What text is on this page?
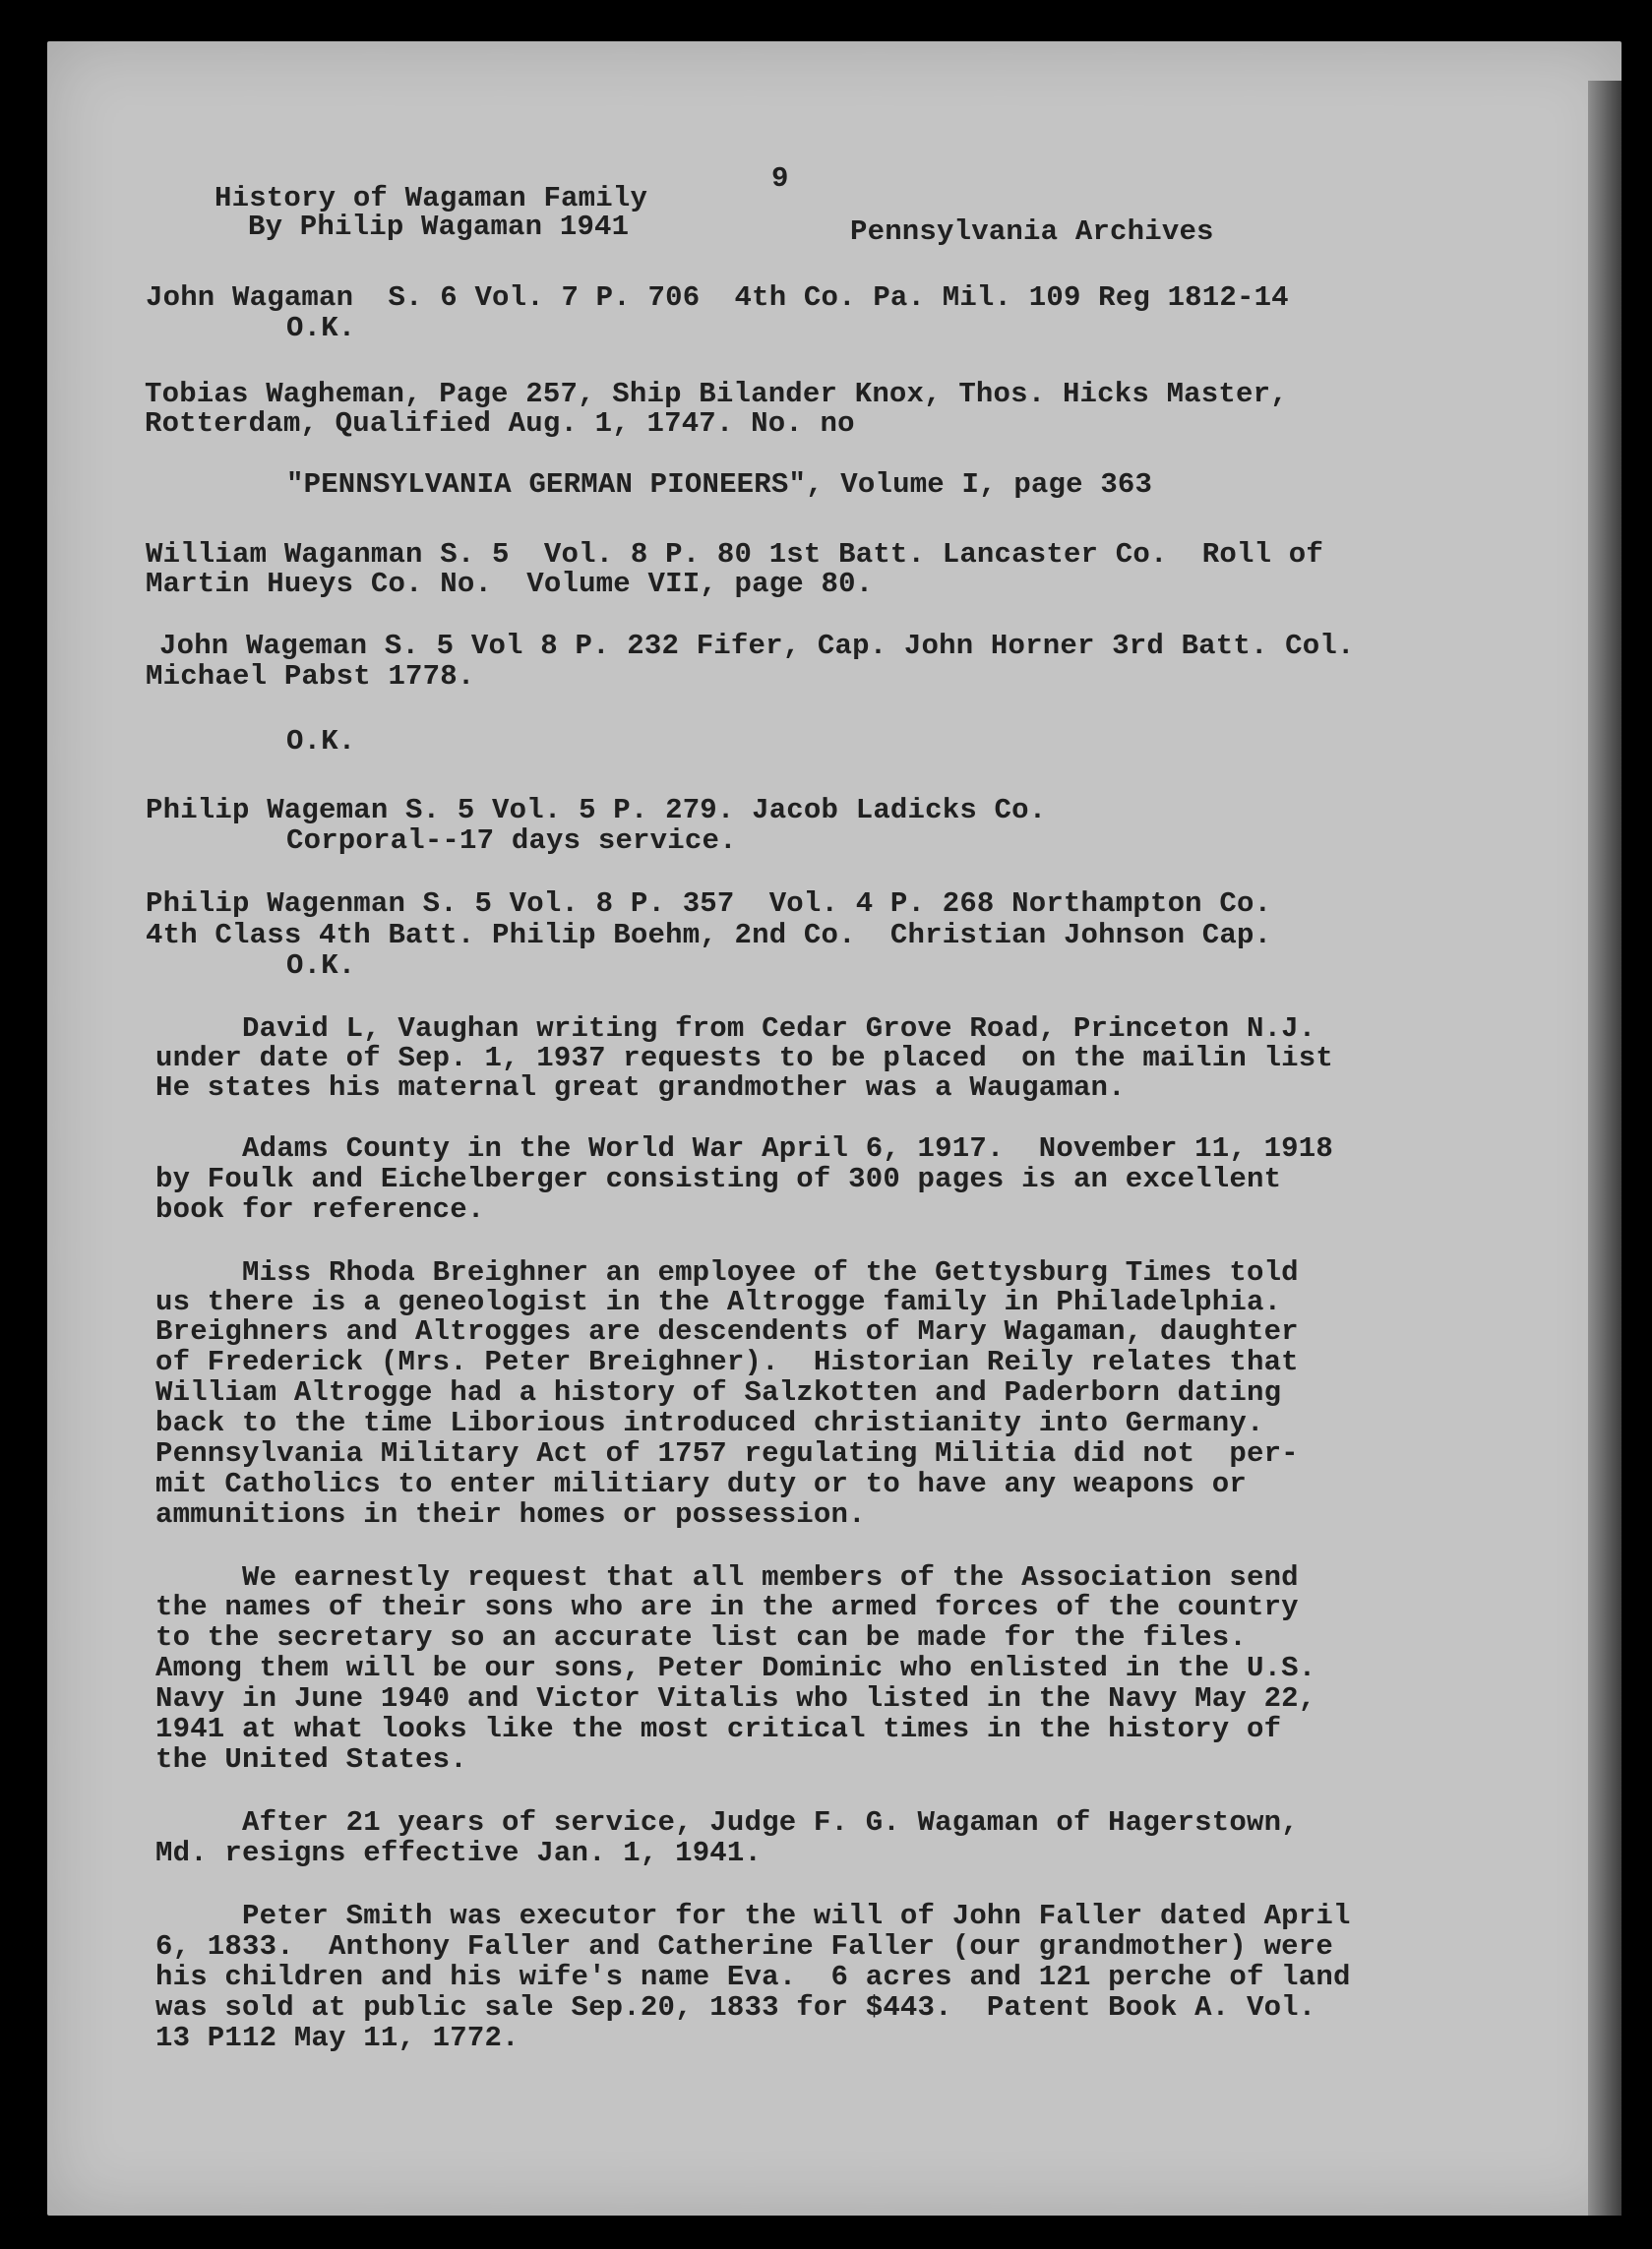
9
History of Wagaman Family
By Philip Wagaman 1941	Pennsylvania Archives
John Wagaman  S. 6 Vol. 7 P. 706  4th Co. Pa. Mil. 109 Reg 1812-14
O.K.
Tobias Wagheman, Page 257, Ship Bilander Knox, Thos. Hicks Master,
Rotterdam, Qualified Aug. 1, 1747. No. no
"PENNSYLVANIA GERMAN PIONEERS", Volume I, page 363
William Waganman S. 5  Vol. 8 P. 80 1st Batt. Lancaster Co.  Roll of
Martin Hueys Co. No.  Volume VII, page 80.
John Wageman S. 5 Vol 8 P. 232 Fifer, Cap. John Horner 3rd Batt. Col.
Michael Pabst 1778.
O.K.
Philip Wageman S. 5 Vol. 5 P. 279. Jacob Ladicks Co.
Corporal--17 days service.
Philip Wagenman S. 5 Vol. 8 P. 357  Vol. 4 P. 268 Northampton Co.
4th Class 4th Batt. Philip Boehm, 2nd Co.  Christian Johnson Cap.
O.K.
David L, Vaughan writing from Cedar Grove Road, Princeton N.J.
under date of Sep. 1, 1937 requests to be placed  on the mailin list
He states his maternal great grandmother was a Waugaman.
Adams County in the World War April 6, 1917.  November 11, 1918
by Foulk and Eichelberger consisting of 300 pages is an excellent
book for reference.
Miss Rhoda Breighner an employee of the Gettysburg Times told
us there is a geneologist in the Altrogge family in Philadelphia.
Breighners and Altrogges are descendents of Mary Wagaman, daughter
of Frederick (Mrs. Peter Breighner).  Historian Reily relates that
William Altrogge had a history of Salzkotten and Paderborn dating
back to the time Liborious introduced christianity into Germany.
Pennsylvania Military Act of 1757 regulating Militia did not  per-
mit Catholics to enter militiary duty or to have any weapons or
ammunitions in their homes or possession.
We earnestly request that all members of the Association send
the names of their sons who are in the armed forces of the country
to the secretary so an accurate list can be made for the files.
Among them will be our sons, Peter Dominic who enlisted in the U.S.
Navy in June 1940 and Victor Vitalis who listed in the Navy May 22,
1941 at what looks like the most critical times in the history of
the United States.
After 21 years of service, Judge F. G. Wagaman of Hagerstown,
Md. resigns effective Jan. 1, 1941.
Peter Smith was executor for the will of John Faller dated April
6, 1833.  Anthony Faller and Catherine Faller (our grandmother) were
his children and his wife's name Eva.  6 acres and 121 perche of land
was sold at public sale Sep.20, 1833 for $443.  Patent Book A. Vol.
13 P112 May 11, 1772.
